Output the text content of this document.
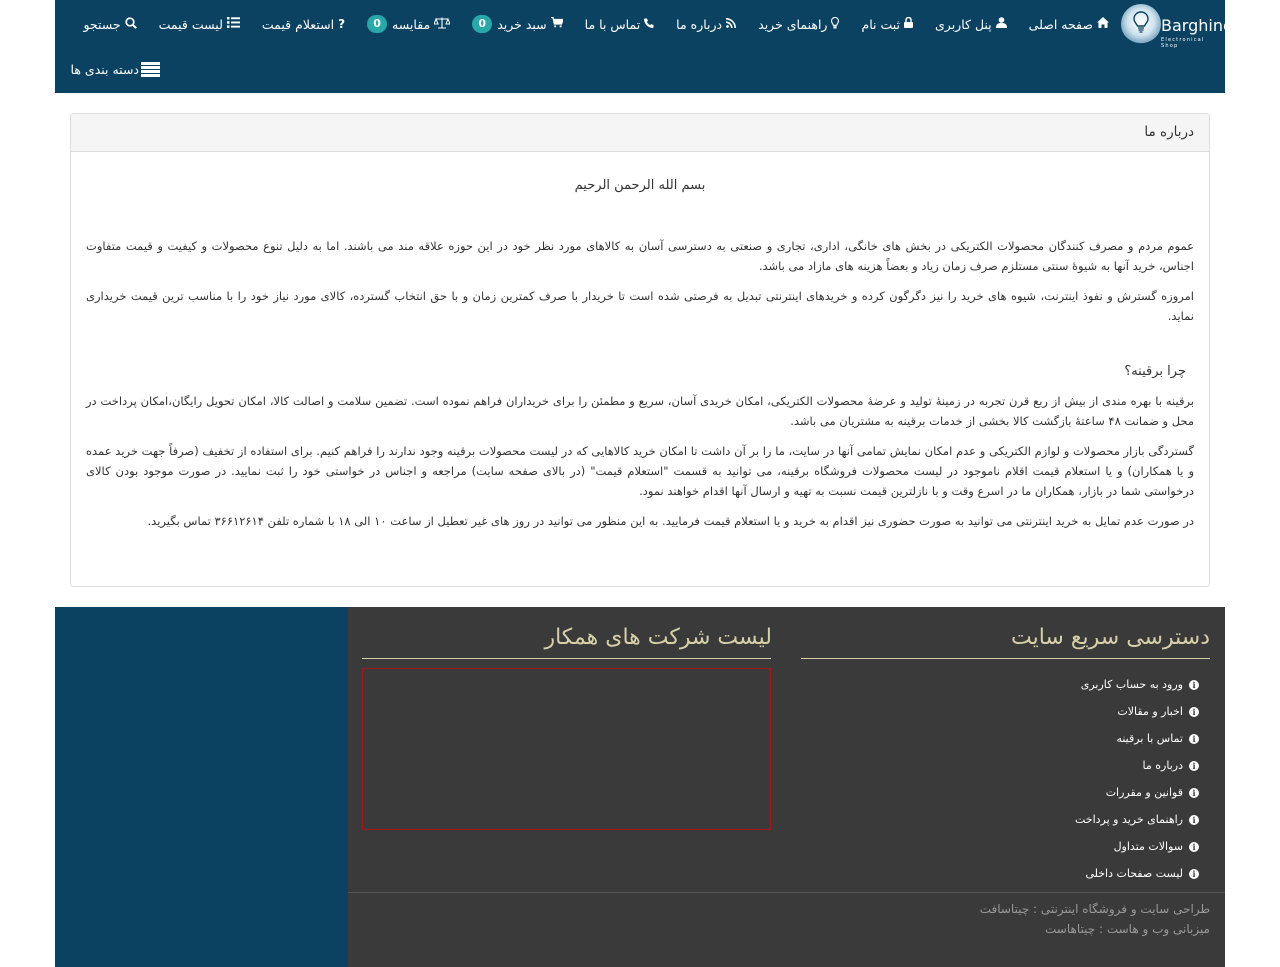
Barghine
Electronical Shop
صفحه اصلی
پنل کاربری
ثبت نام
راهنمای خرید
درباره ما
تماس با ما
سبد خرید
0
مقایسه
0
?
استعلام قیمت
لیست قیمت
جستجو
دسته بندی ها
درباره ما
بسم الله الرحمن الرحیم

عموم مردم و مصرف کنندگان محصولات الکتریکی در بخش های خانگی، اداری، تجاری و صنعتی به دسترسی آسان به کالاهای مورد نظر خود در این حوزه علاقه مند می باشند. اما به دلیل تنوع محصولات و کیفیت و قیمت متفاوت اجناس، خرید آنها به شیوهٔ سنتی مستلزم صرف زمان زیاد و بعضاً هزینه های مازاد می باشد.

امروزه گسترش و نفوذ اینترنت، شیوه های خرید را نیز دگرگون کرده و خریدهای اینترنتی تبدیل به فرصتی شده است تا خریدار با صرف کمترین زمان و با حق انتخاب گسترده، کالای مورد نیاز خود را با مناسب ترین قیمت خریداری نماید.

چرا برقینه؟

برقینه با بهره مندی از بیش از ربع قرن تجربه در زمینهٔ تولید و عرضهٔ محصولات الکتریکی، امکان خریدی آسان، سریع و مطمئن را برای خریداران فراهم نموده است. تضمین سلامت و اصالت کالا، امکان تحویل رایگان،امکان پرداخت در محل و ضمانت ۴۸ ساعتهٔ بازگشت کالا بخشی از خدمات برقینه به مشتریان می باشد.

گستردگی بازار محصولات و لوازم الکتریکی و عدم امکان نمایش تمامی آنها در سایت، ما را بر آن داشت تا امکان خرید کالاهایی که در لیست محصولات برقینه وجود ندارند را فراهم کنیم. برای استفاده از تخفیف (صرفاً جهت خرید عمده و یا همکاران) و یا استعلام قیمت اقلام ناموجود در لیست محصولات فروشگاه برقینه، می توانید به قسمت "استعلام قیمت" (در بالای صفحه سایت) مراجعه و اجناس در خواستی خود را ثبت نمایید. در صورت موجود بودن کالای درخواستی شما در بازار، همکاران ما در اسرع وقت و با نازلترین قیمت نسبت به تهیه و ارسال آنها اقدام خواهند نمود.

در صورت عدم تمایل به خرید اینترنتی می توانید به صورت حضوری نیز اقدام به خرید و یا استعلام قیمت فرمایید. به این منظور می توانید در روز های غیر تعطیل از ساعت ۱۰ الی ۱۸ با شماره تلفن ۳۶۶۱۲۶۱۴ تماس بگیرید.

دسترسی سریع سایت
i
ورود به حساب کاربری
i
اخبار و مقالات
i
تماس با برقینه
i
درباره ما
i
قوانین و مقررات
i
راهنمای خرید و پرداخت
i
سوالات متداول
i
لیست صفحات داخلی
لیست شرکت های همکار
طراحی سایت و فروشگاه اینترنتی : چیتاسافت
میزبانی وب و هاست : چیتاهاست
